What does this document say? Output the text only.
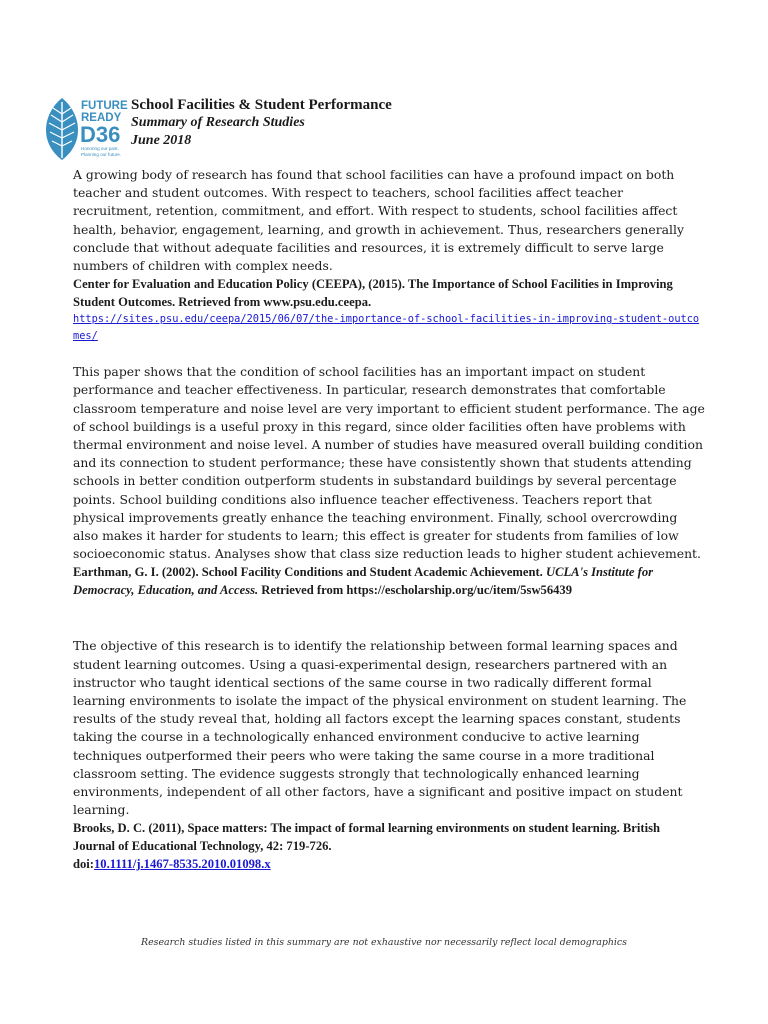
FUTURE
READY
D36
Honoring our past.
Planning our future.

School Facilities & Student Performance

Summary of Research Studies

June 2018

A growing body of research has found that school facilities can have a profound impact on both teacher and student outcomes. With respect to teachers, school facilities affect teacher recruitment, retention, commitment, and effort. With respect to students, school facilities affect health, behavior, engagement, learning, and growth in achievement. Thus, researchers generally conclude that without adequate facilities and resources, it is extremely difficult to serve large numbers of children with complex needs.

Center for Evaluation and Education Policy (CEEPA), (2015). The Importance of School Facilities in Improving Student Outcomes. Retrieved from www.psu.edu.ceepa.

https://sites.psu.edu/ceepa/2015/06/07/the-importance-of-school-facilities-in-improving-student-outcomes/

This paper shows that the condition of school facilities has an important impact on student performance and teacher effectiveness. In particular, research demonstrates that comfortable classroom temperature and noise level are very important to efficient student performance. The age of school buildings is a useful proxy in this regard, since older facilities often have problems with thermal environment and noise level. A number of studies have measured overall building condition and its connection to student performance; these have consistently shown that students attending schools in better condition outperform students in substandard buildings by several percentage points. School building conditions also influence teacher effectiveness. Teachers report that physical improvements greatly enhance the teaching environment. Finally, school overcrowding also makes it harder for students to learn; this effect is greater for students from families of low socioeconomic status. Analyses show that class size reduction leads to higher student achievement.

Earthman, G. I. (2002). School Facility Conditions and Student Academic Achievement. UCLA's Institute for Democracy, Education, and Access. Retrieved from https://escholarship.org/uc/item/5sw56439

The objective of this research is to identify the relationship between formal learning spaces and student learning outcomes. Using a quasi-experimental design, researchers partnered with an instructor who taught identical sections of the same course in two radically different formal learning environments to isolate the impact of the physical environment on student learning. The results of the study reveal that, holding all factors except the learning spaces constant, students taking the course in a technologically enhanced environment conducive to active learning techniques outperformed their peers who were taking the same course in a more traditional classroom setting. The evidence suggests strongly that technologically enhanced learning environments, independent of all other factors, have a significant and positive impact on student learning.

Brooks, D. C. (2011), Space matters: The impact of formal learning environments on student learning. British Journal of Educational Technology, 42: 719-726.
doi:10.1111/j.1467-8535.2010.01098.x

Research studies listed in this summary are not exhaustive nor necessarily reflect local demographics
